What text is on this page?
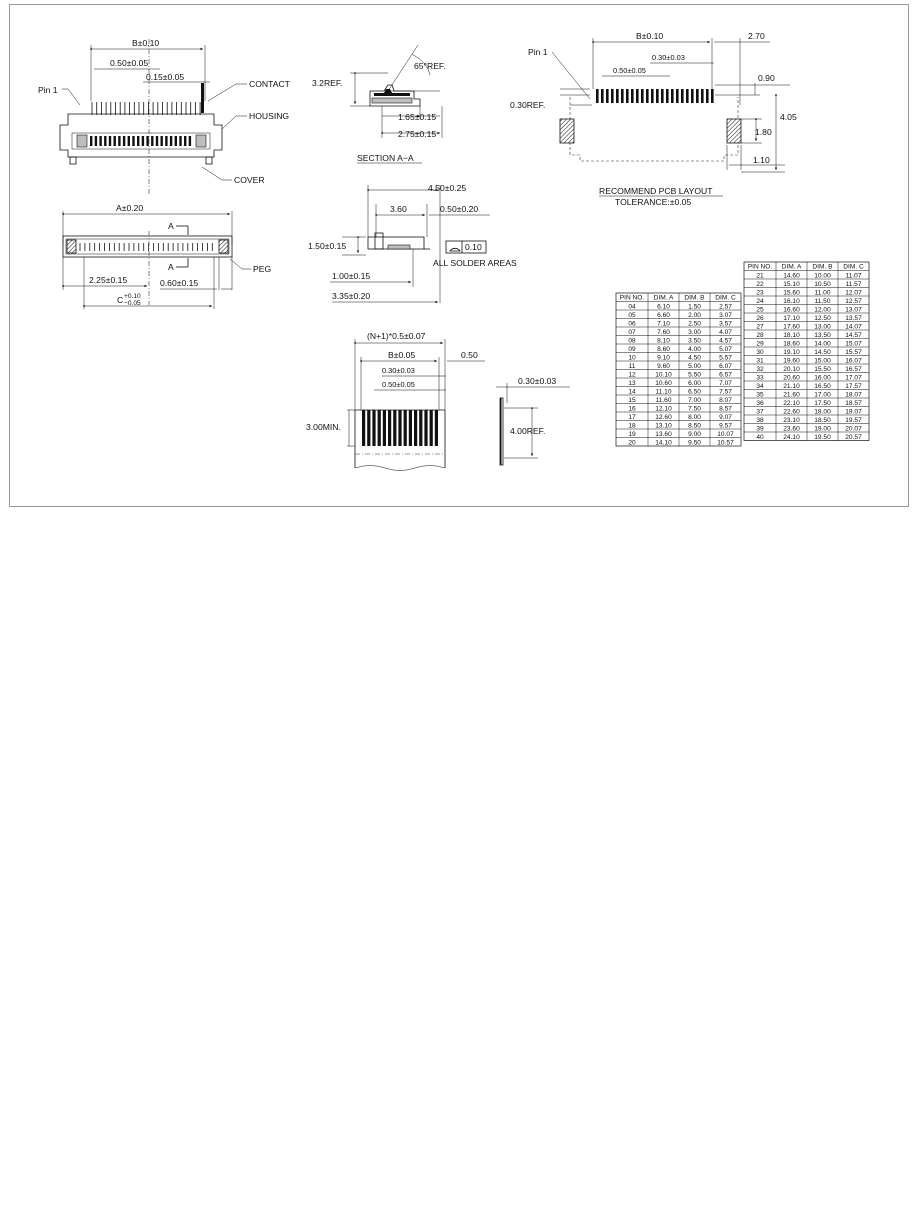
B±0.10
0.50±0.05
0.15±0.05
Pin 1
CONTACT
HOUSING
COVER
A±0.20
A
A
2.25±0.15	0.60±0.15
C +0.10
−0.05
PEG
3.2REF.
65°REF.
1.65±0.15
2.75±0.15
SECTION A−A
4.50±0.25
3.60	0.50±0.20
1.50±0.15	0.10
ALL SOLDER AREAS
1.00±0.15
3.35±0.20
Pin 1
B±0.10	2.70
0.30±0.03
0.50±0.05
0.30REF.
0.90
4.05
1.80
1.10
RECOMMEND PCB LAYOUT
TOLERANCE:±0.05
(N+1)*0.5±0.07
B±0.05	0.50
0.30±0.03
0.50±0.05
3.00MIN.
0.30±0.03
4.00REF.
PIN NO. DIM. A DIM. B DIM. C
21	14.60 10.00 11.07
22	15.10 10.50 11.57
23	15.60 11.00 12.07
24	16.10 11.50 12.57
25	16.60 12.00 13.07
26	17.10 12.50 13.57
27	17.60 13.00 14.07
28	18.10 13.50 14.57
29	18.60 14.00 15.07
30	19.10 14.50 15.57
31	19.60 15.00 16.07
32	20.10 15.50 16.57
33	20.60 16.00 17.07
34	21.10 16.50 17.57
35	21.60 17.00 18.07
36	22.10 17.50 18.57
37	22.60 18.00 19.07
38	23.10 18.50 19.57
39	23.60 19.00 20.07
40	24.10 19.50 20.57
PIN NO. DIM. A DIM. B DIM. C
04	6.10	1.50	2.57
05	6.60	2.00	3.07
06	7.10	2.50	3.57
07	7.60	3.00	4.07
08	8.10	3.50	4.57
09	8.60	4.00	5.07
10	9.10	4.50	5.57
11	9.60	5.00	6.07
12	10.10 5.50	6.57
13	10.60 6.00	7.07
14	11.10	6.50	7.57
15	11.60	7.00	8.07
16	12.10 7.50	8.57
17	12.60 8.00	9.07
18	13.10 8.50	9.57
19	13.60 9.00 10.07
20	14.10 9.50 10.57
